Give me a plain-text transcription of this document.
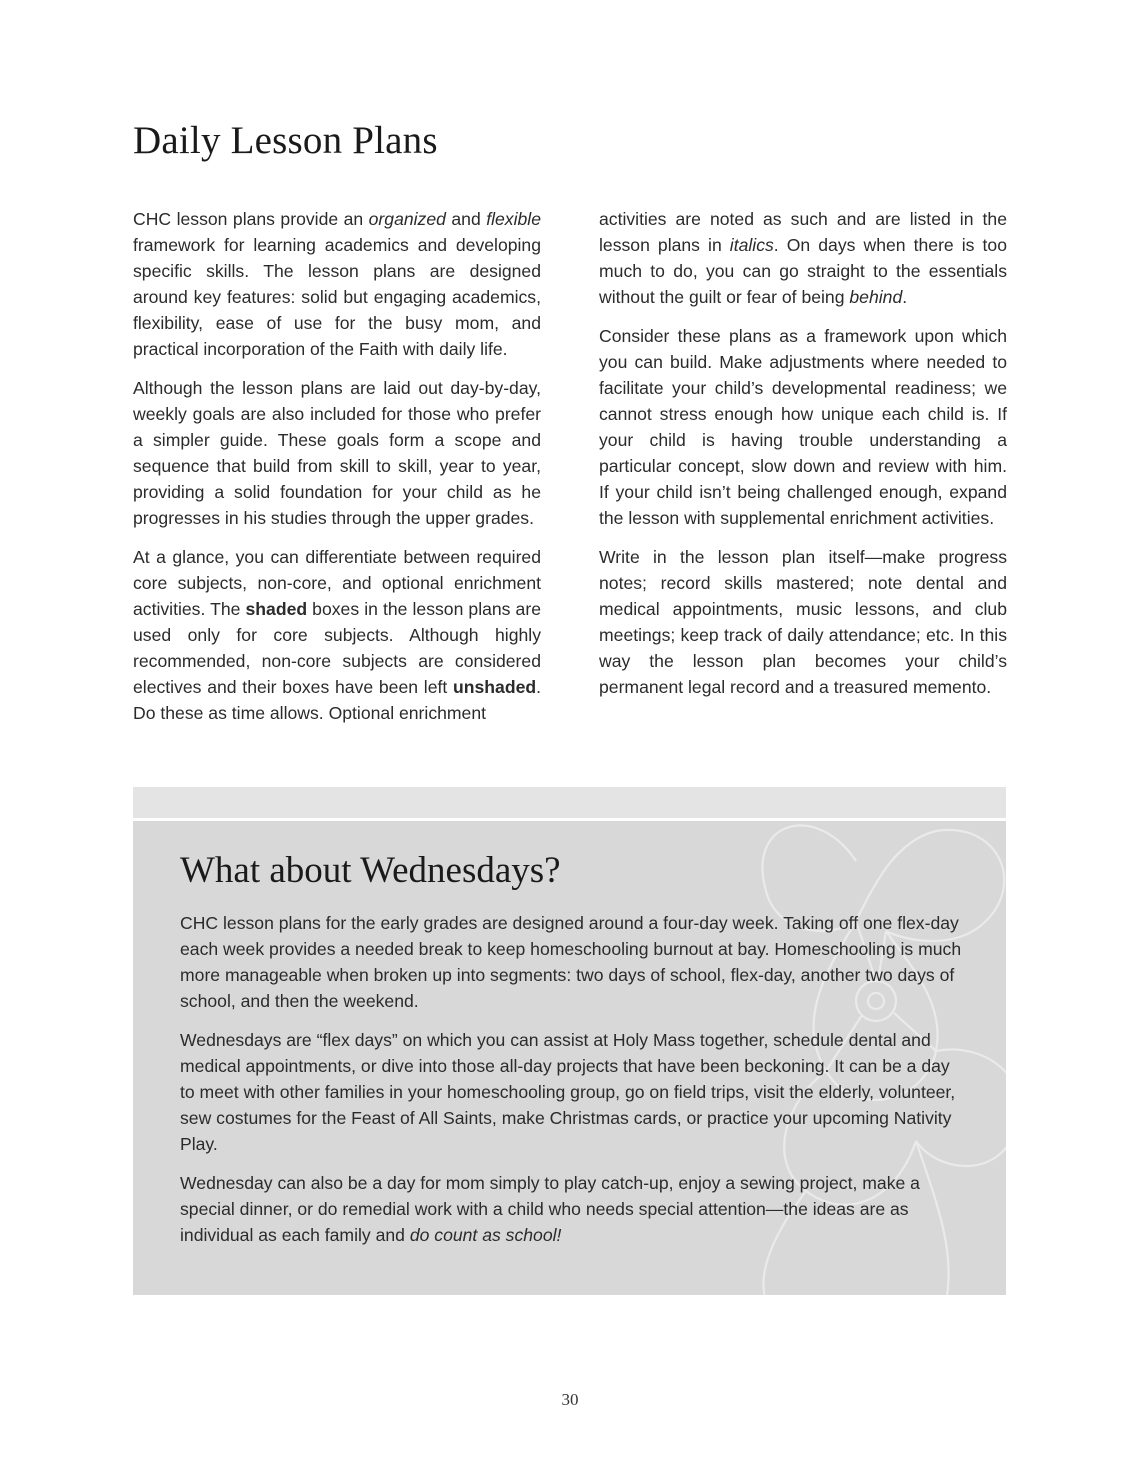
Daily Lesson Plans

CHC lesson plans provide an organized and flexible framework for learning academics and developing specific skills. The lesson plans are designed around key features: solid but engaging academics, flexibility, ease of use for the busy mom, and practical incorporation of the Faith with daily life.

Although the lesson plans are laid out day-by-day, weekly goals are also included for those who prefer a simpler guide. These goals form a scope and sequence that build from skill to skill, year to year, providing a solid foundation for your child as he progresses in his studies through the upper grades.

At a glance, you can differentiate between required core subjects, non-core, and optional enrichment activities. The shaded boxes in the lesson plans are used only for core subjects. Although highly recommended, non-core subjects are considered electives and their boxes have been left unshaded. Do these as time allows. Optional enrichment

activities are noted as such and are listed in the lesson plans in italics. On days when there is too much to do, you can go straight to the essentials without the guilt or fear of being behind.

Consider these plans as a framework upon which you can build. Make adjustments where needed to facilitate your child’s developmental readiness; we cannot stress enough how unique each child is. If your child is having trouble understanding a particular concept, slow down and review with him. If your child isn’t being challenged enough, expand the lesson with supplemental enrichment activities.

Write in the lesson plan itself—make progress notes; record skills mastered; note dental and medical appointments, music lessons, and club meetings; keep track of daily attendance; etc. In this way the lesson plan becomes your child’s permanent legal record and a treasured memento.

What about Wednesdays?

CHC lesson plans for the early grades are designed around a four-day week. Taking off one flex-day each week provides a needed break to keep homeschooling burnout at bay. Homeschooling is much more manageable when broken up into segments: two days of school, flex-day, another two days of school, and then the weekend.

Wednesdays are “flex days” on which you can assist at Holy Mass together, schedule dental and medical appointments, or dive into those all-day projects that have been beckoning. It can be a day to meet with other families in your homeschooling group, go on field trips, visit the elderly, volunteer, sew costumes for the Feast of All Saints, make Christmas cards, or practice your upcoming Nativity Play.

Wednesday can also be a day for mom simply to play catch-up, enjoy a sewing project, make a special dinner, or do remedial work with a child who needs special attention—the ideas are as individual as each family and do count as school!

30
